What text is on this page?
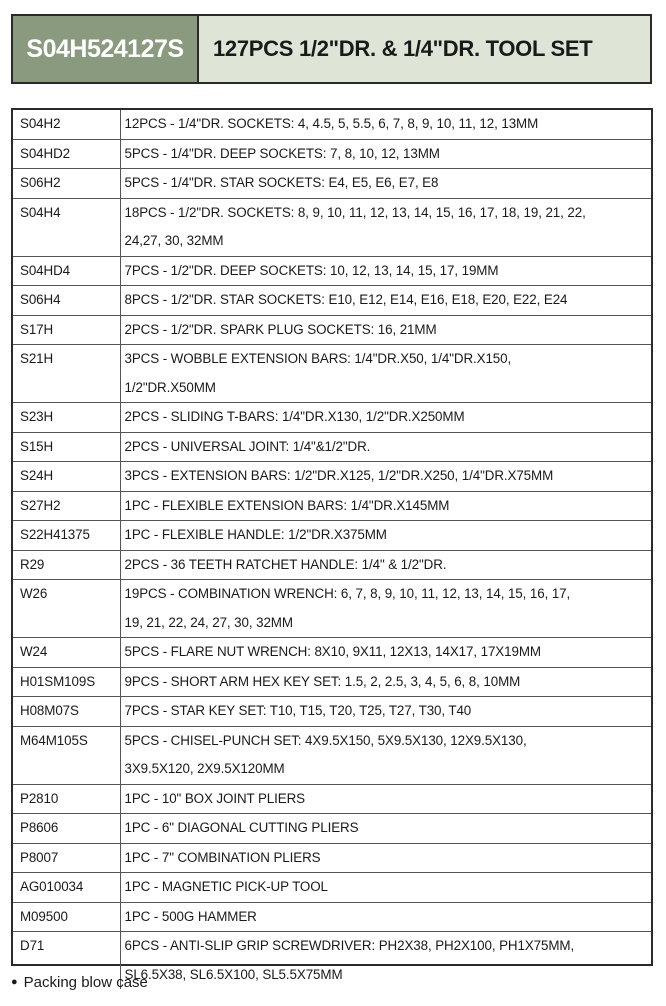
S04H524127S	127PCS 1/2"DR. & 1/4"DR. TOOL SET
S04H2	12PCS - 1/4"DR. SOCKETS: 4, 4.5, 5, 5.5, 6, 7, 8, 9, 10, 11, 12, 13MM

S04HD2	5PCS - 1/4"DR. DEEP SOCKETS: 7, 8, 10, 12, 13MM

S06H2	5PCS - 1/4"DR. STAR SOCKETS: E4, E5, E6, E7, E8

S04H4	18PCS - 1/2"DR. SOCKETS: 8, 9, 10, 11, 12, 13, 14, 15, 16, 17, 18, 19, 21, 22,
24,27, 30, 32MM

S04HD4	7PCS - 1/2"DR. DEEP SOCKETS: 10, 12, 13, 14, 15, 17, 19MM

S06H4	8PCS - 1/2"DR. STAR SOCKETS: E10, E12, E14, E16, E18, E20, E22, E24

S17H	2PCS - 1/2"DR. SPARK PLUG SOCKETS: 16, 21MM

S21H	3PCS - WOBBLE EXTENSION BARS: 1/4"DR.X50, 1/4"DR.X150,
1/2"DR.X50MM

S23H	2PCS - SLIDING T-BARS: 1/4"DR.X130, 1/2"DR.X250MM

S15H	2PCS - UNIVERSAL JOINT: 1/4"&1/2"DR.

S24H	3PCS - EXTENSION BARS: 1/2"DR.X125, 1/2"DR.X250, 1/4"DR.X75MM

S27H2	1PC - FLEXIBLE EXTENSION BARS: 1/4"DR.X145MM

S22H41375	1PC - FLEXIBLE HANDLE: 1/2"DR.X375MM

R29	2PCS - 36 TEETH RATCHET HANDLE: 1/4" & 1/2"DR.

W26	19PCS - COMBINATION WRENCH: 6, 7, 8, 9, 10, 11, 12, 13, 14, 15, 16, 17,
19, 21, 22, 24, 27, 30, 32MM

W24	5PCS - FLARE NUT WRENCH: 8X10, 9X11, 12X13, 14X17, 17X19MM

H01SM109S	9PCS - SHORT ARM HEX KEY SET: 1.5, 2, 2.5, 3, 4, 5, 6, 8, 10MM

H08M07S	7PCS - STAR KEY SET: T10, T15, T20, T25, T27, T30, T40

M64M105S	5PCS - CHISEL-PUNCH SET: 4X9.5X150, 5X9.5X130, 12X9.5X130,
3X9.5X120, 2X9.5X120MM

P2810	1PC - 10" BOX JOINT PLIERS

P8606	1PC - 6" DIAGONAL CUTTING PLIERS

P8007	1PC - 7" COMBINATION PLIERS

AG010034	1PC - MAGNETIC PICK-UP TOOL

M09500	1PC - 500G HAMMER

D71	6PCS - ANTI-SLIP GRIP SCREWDRIVER: PH2X38, PH2X100, PH1X75MM,
SL6.5X38, SL6.5X100, SL5.5X75MM
● Packing blow case
